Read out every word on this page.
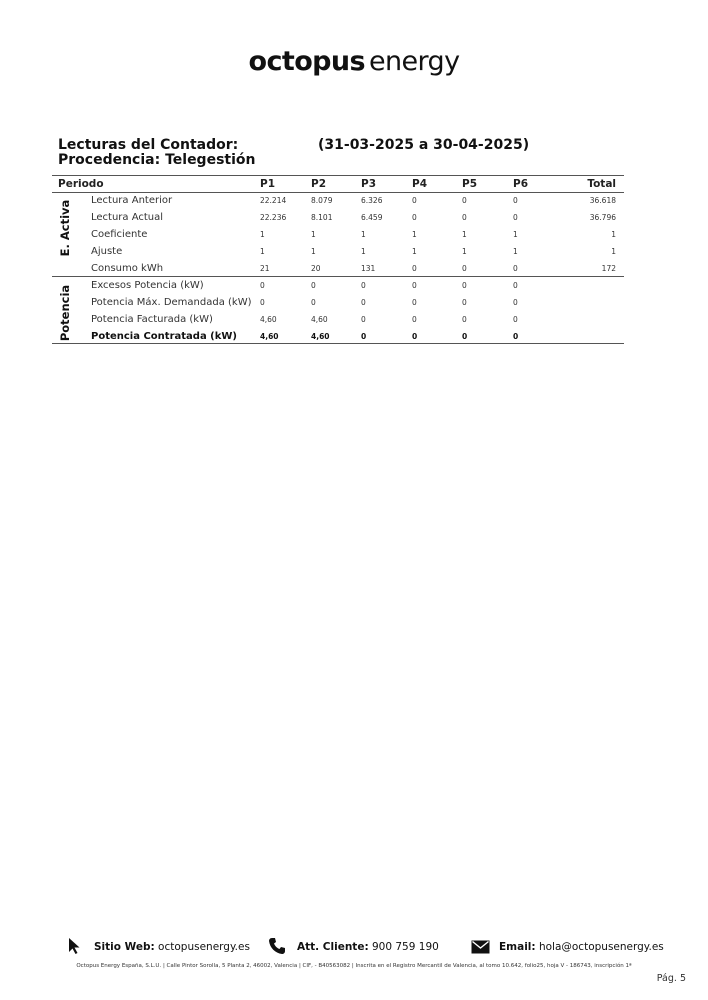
octopus energy
Lecturas del Contador:
Procedencia: Telegestión
(31-03-2025 a 30-04-2025)
Periodo	P1	P2	P3	P4	P5	P6	Total
E. Activa
Potencia
Lectura Anterior	22.214	8.079	6.326	0	0	0	36.618
Lectura Actual	22.236	8.101	6.459	0	0	0	36.796
Coeficiente	1	1	1	1	1	1	1
Ajuste	1	1	1	1	1	1	1
Consumo kWh	21	20	131	0	0	0	172
Excesos Potencia (kW)	0	0	0	0	0	0
Potencia Máx. Demandada (kW) 0	0	0	0	0	0
Potencia Facturada (kW)	4,60	4,60	0	0	0	0
Potencia Contratada (kW)	4,60	4,60	0	0	0	0
Sitio Web: octopusenergy.es	Att. Cliente: 900 759 190	Email: hola@octopusenergy.es
Octopus Energy España, S.L.U. | Calle Pintor Sorolla, 5 Planta 2, 46002, Valencia | CIF, - B40563082 | Inscrita en el Registro Mercantil de Valencia, al tomo 10.642, folio25, hoja V - 186743, inscripción 1ª
Pág. 5
